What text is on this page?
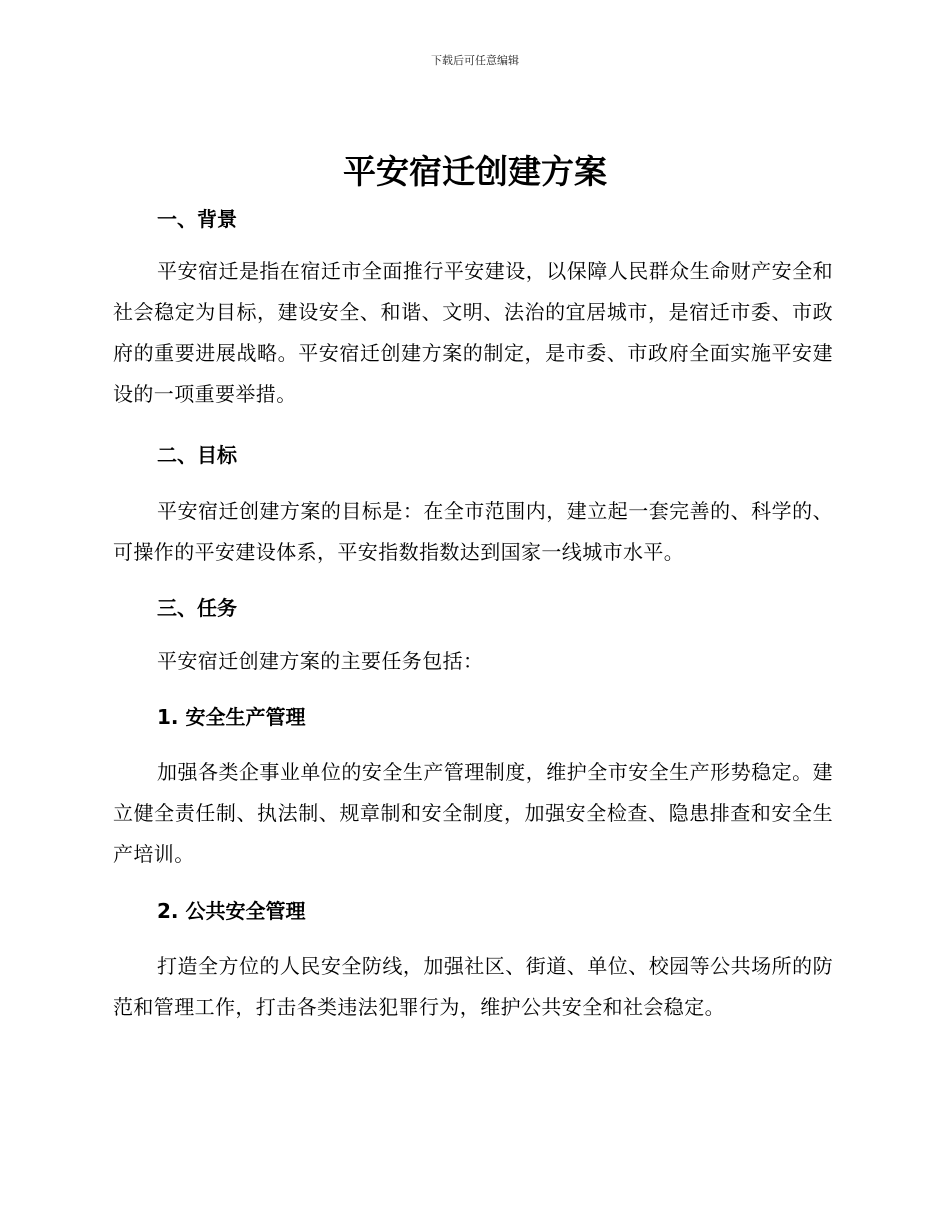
下载后可任意编辑
平安宿迁创建方案
一、背景

平安宿迁是指在宿迁市全面推行平安建设，以保障人民群众生命财产安全和社会稳定为目标，建设安全、和谐、文明、法治的宜居城市，是宿迁市委、市政府的重要进展战略。平安宿迁创建方案的制定，是市委、市政府全面实施平安建设的一项重要举措。

二、目标

平安宿迁创建方案的目标是：在全市范围内，建立起一套完善的、科学的、可操作的平安建设体系，平安指数指数达到国家一线城市水平。

三、任务

平安宿迁创建方案的主要任务包括：

1. 安全生产管理

加强各类企事业单位的安全生产管理制度，维护全市安全生产形势稳定。建立健全责任制、执法制、规章制和安全制度，加强安全检查、隐患排查和安全生产培训。

2. 公共安全管理

打造全方位的人民安全防线，加强社区、街道、单位、校园等公共场所的防范和管理工作，打击各类违法犯罪行为，维护公共安全和社会稳定。
